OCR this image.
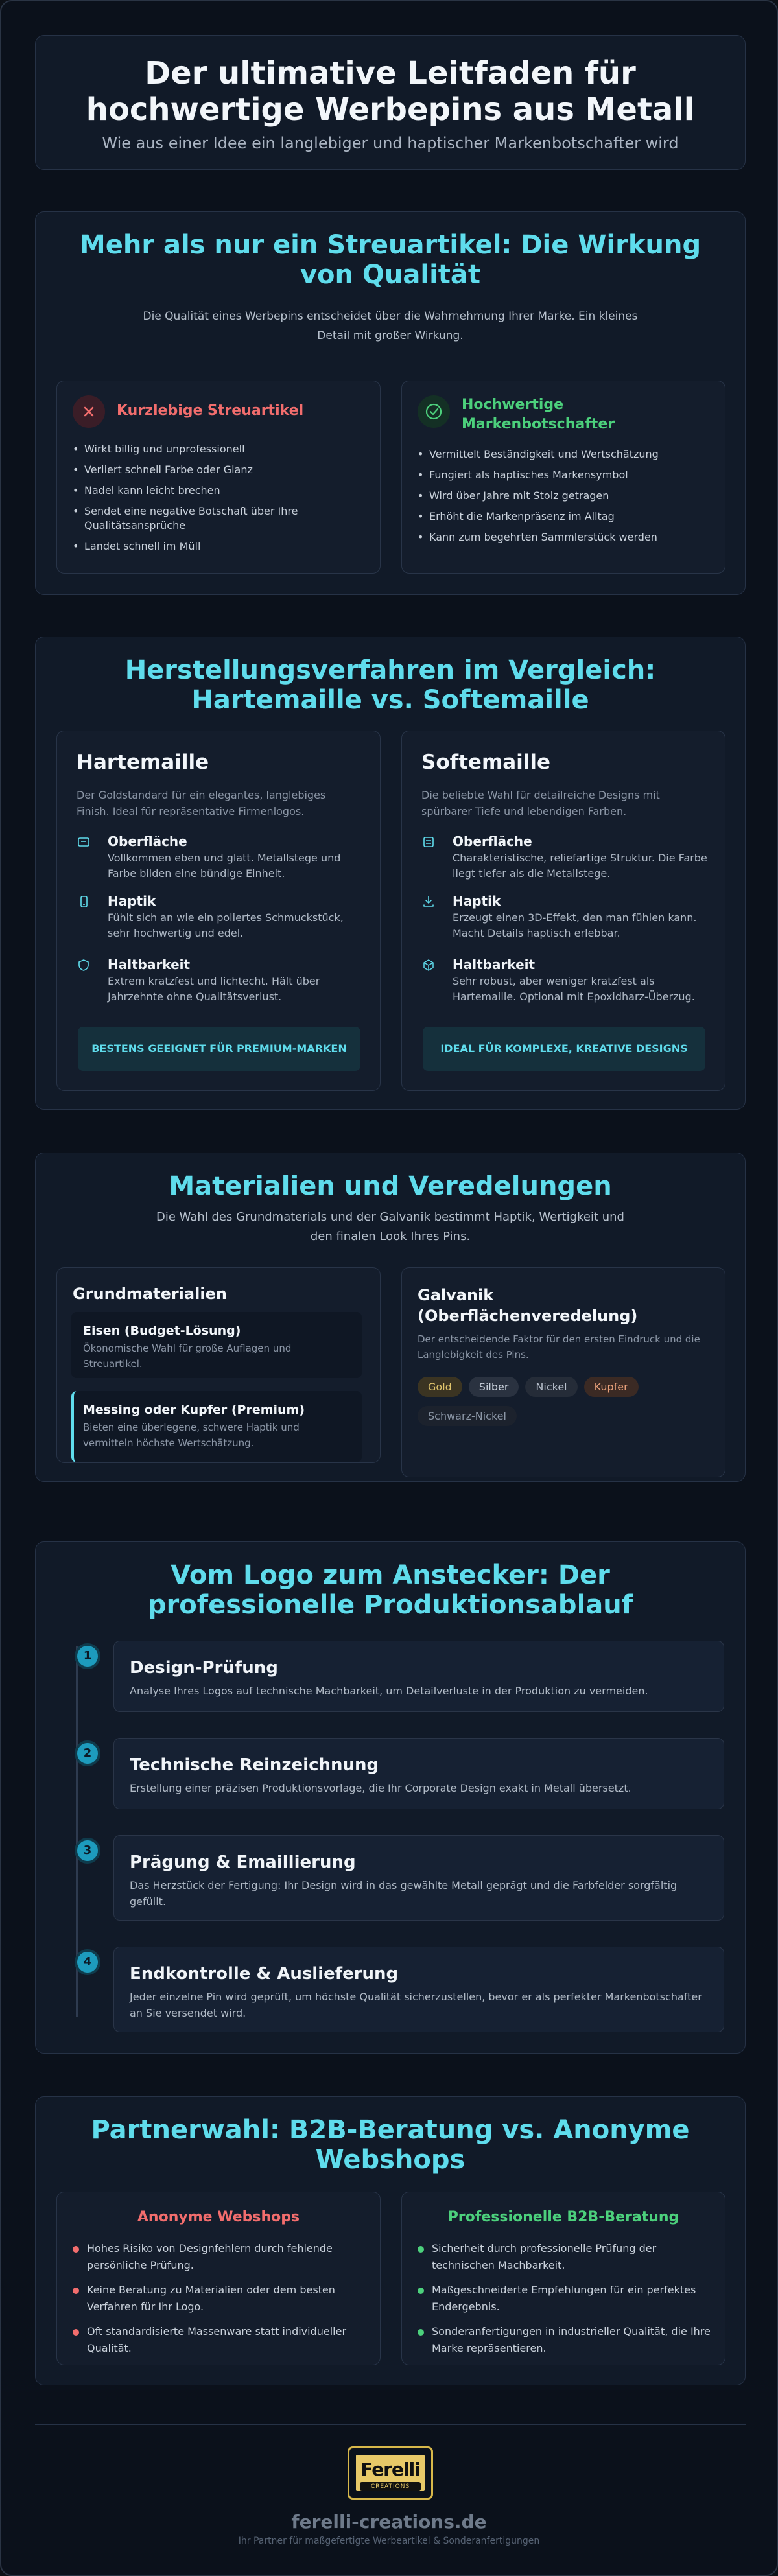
Der ultimative Leitfaden für hochwertige Werbepins aus Metall

Wie aus einer Idee ein langlebiger und haptischer Markenbotschafter wird

Mehr als nur ein Streuartikel: Die Wirkung von Qualität
Die Qualität eines Werbepins entscheidet über die Wahrnehmung Ihrer Marke. Ein kleines Detail mit großer Wirkung.
Kurzlebige Streuartikel
• Wirkt billig und unprofessionell
• Verliert schnell Farbe oder Glanz
• Nadel kann leicht brechen
• Sendet eine negative Botschaft über Ihre Qualitätsansprüche
• Landet schnell im Müll
Hochwertige Markenbotschafter
• Vermittelt Beständigkeit und Wertschätzung
• Fungiert als haptisches Markensymbol
• Wird über Jahre mit Stolz getragen
• Erhöht die Markenpräsenz im Alltag
• Kann zum begehrten Sammlerstück werden
Herstellungsverfahren im Vergleich: Hartemaille vs. Softemaille
Hartemaille
Der Goldstandard für ein elegantes, langlebiges Finish. Ideal für repräsentative Firmenlogos.
Oberfläche

Vollkommen eben und glatt. Metallstege und Farbe bilden eine bündige Einheit.

Haptik

Fühlt sich an wie ein poliertes Schmuckstück, sehr hochwertig und edel.

Haltbarkeit

Extrem kratzfest und lichtecht. Hält über Jahrzehnte ohne Qualitätsverlust.

BESTENS GEEIGNET FÜR PREMIUM-MARKEN
Softemaille
Die beliebte Wahl für detailreiche Designs mit spürbarer Tiefe und lebendigen Farben.
Oberfläche

Charakteristische, reliefartige Struktur. Die Farbe liegt tiefer als die Metallstege.

Haptik

Erzeugt einen 3D-Effekt, den man fühlen kann. Macht Details haptisch erlebbar.

Haltbarkeit

Sehr robust, aber weniger kratzfest als Hartemaille. Optional mit Epoxidharz-Überzug.

IDEAL FÜR KOMPLEXE, KREATIVE DESIGNS
Materialien und Veredelungen
Die Wahl des Grundmaterials und der Galvanik bestimmt Haptik, Wertigkeit und den finalen Look Ihres Pins.
Grundmaterialien
Eisen (Budget-Lösung)
Ökonomische Wahl für große Auflagen und Streuartikel.
Messing oder Kupfer (Premium)
Bieten eine überlegene, schwere Haptik und vermitteln höchste Wertschätzung.
Galvanik (Oberflächenveredelung)
Der entscheidende Faktor für den ersten Eindruck und die Langlebigkeit des Pins.
Gold	Silber	Nickel	KupferSchwarz-Nickel
Vom Logo zum Anstecker: Der professionelle Produktionsablauf
1
Design-Prüfung

Analyse Ihres Logos auf technische Machbarkeit, um Detailverluste in der Produktion zu vermeiden.

2
Technische Reinzeichnung

Erstellung einer präzisen Produktionsvorlage, die Ihr Corporate Design exakt in Metall übersetzt.

3
Prägung & Emaillierung

Das Herzstück der Fertigung: Ihr Design wird in das gewählte Metall geprägt und die Farbfelder sorgfältig gefüllt.

4
Endkontrolle & Auslieferung

Jeder einzelne Pin wird geprüft, um höchste Qualität sicherzustellen, bevor er als perfekter Markenbotschafter an Sie versendet wird.

Partnerwahl: B2B-Beratung vs. Anonyme Webshops
Anonyme Webshops
Hohes Risiko von Designfehlern durch fehlende persönliche Prüfung.
Keine Beratung zu Materialien oder dem besten Verfahren für Ihr Logo.
Oft standardisierte Massenware statt individueller Qualität.
Professionelle B2B-Beratung
Sicherheit durch professionelle Prüfung der technischen Machbarkeit.
Maßgeschneiderte Empfehlungen für ein perfektes Endergebnis.
Sonderanfertigungen in industrieller Qualität, die Ihre Marke repräsentieren.
Ferelli
CREATIONS
ferelli-creations.de
Ihr Partner für maßgefertigte Werbeartikel & Sonderanfertigungen
